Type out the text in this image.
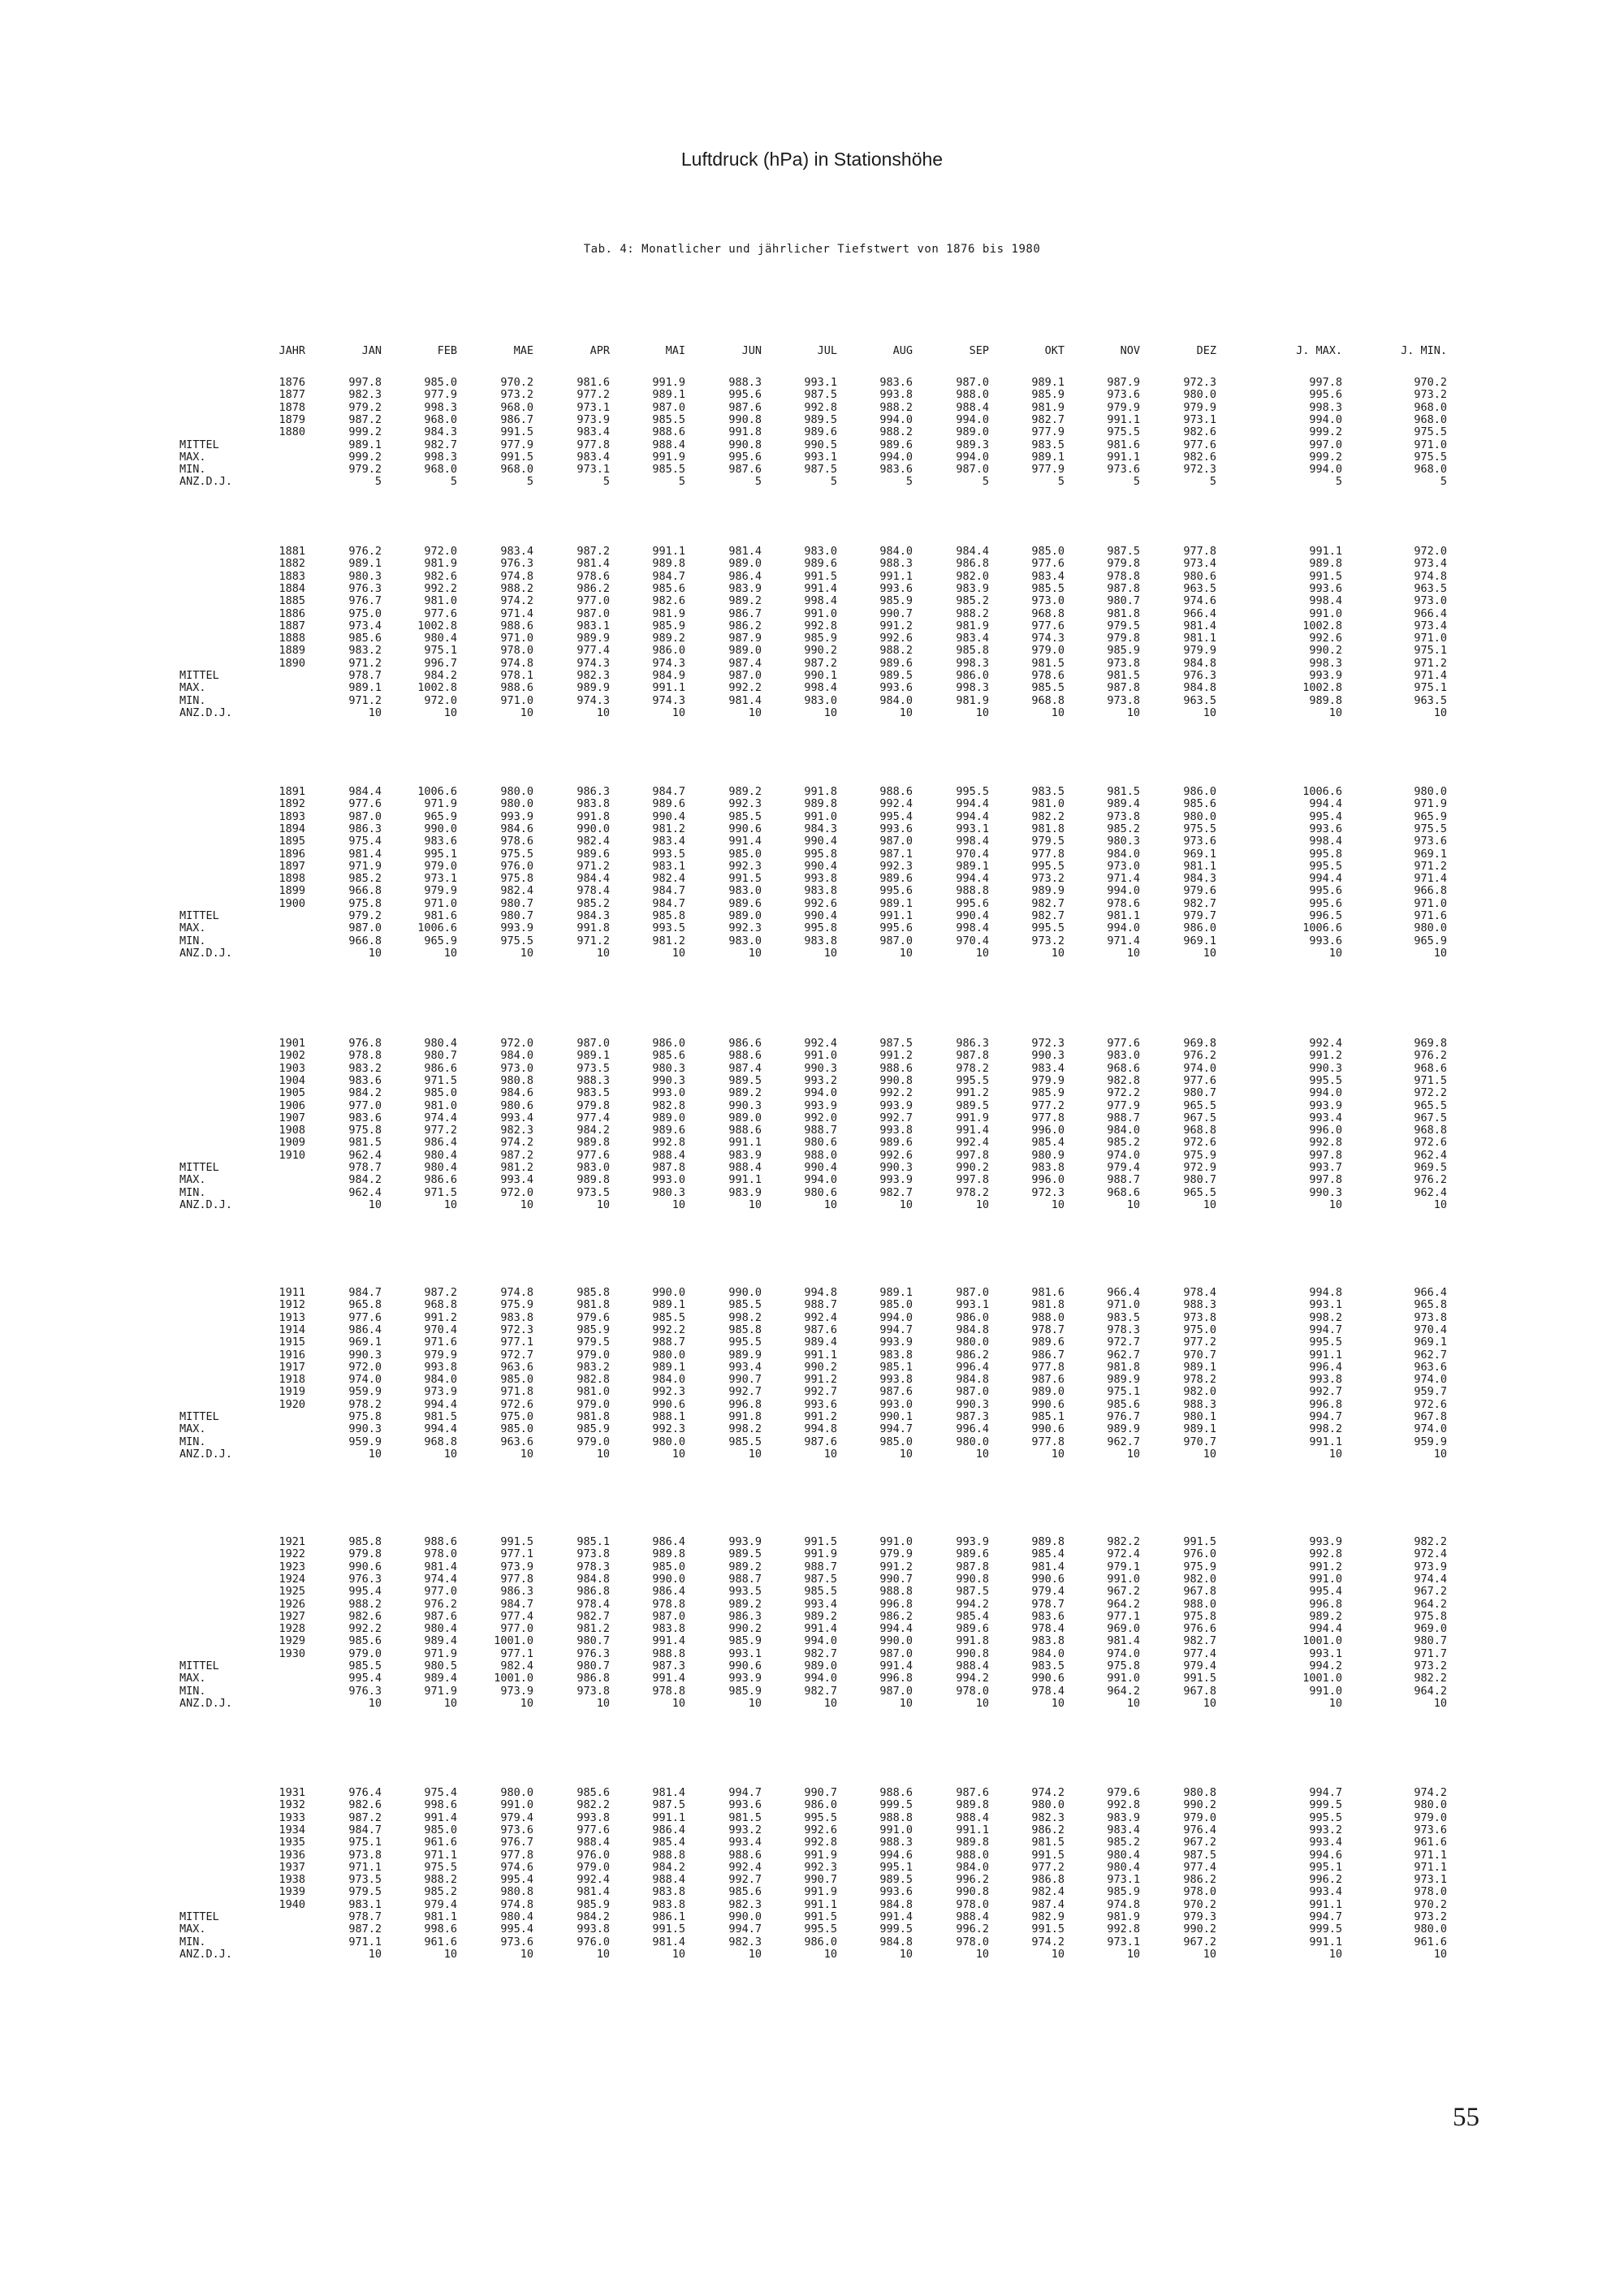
Luftdruck (hPa) in Stationshöhe
Tab. 4: Monatlicher und jährlicher Tiefstwert von 1876 bis 1980
JAHR	JAN	FEB	MAE	APR	MAI	JUN	JUL	AUG	SEP	OKT	NOV	DEZ	J. MAX.	J. MIN.
1876	997.8	985.0	970.2	981.6	991.9	988.3	993.1	983.6	987.0	989.1	987.9	972.3	997.8	970.2
1877	982.3	977.9	973.2	977.2	989.1	995.6	987.5	993.8	988.0	985.9	973.6	980.0	995.6	973.2
1878	979.2	998.3	968.0	973.1	987.0	987.6	992.8	988.2	988.4	981.9	979.9	979.9	998.3	968.0
1879	987.2	968.0	986.7	973.9	985.5	990.8	989.5	994.0	994.0	982.7	991.1	973.1	994.0	968.0
1880	999.2	984.3	991.5	983.4	988.6	991.8	989.6	988.2	989.0	977.9	975.5	982.6	999.2	975.5
MITTEL	989.1	982.7	977.9	977.8	988.4	990.8	990.5	989.6	989.3	983.5	981.6	977.6	997.0	971.0
MAX.	999.2	998.3	991.5	983.4	991.9	995.6	993.1	994.0	994.0	989.1	991.1	982.6	999.2	975.5
MIN.	979.2	968.0	968.0	973.1	985.5	987.6	987.5	983.6	987.0	977.9	973.6	972.3	994.0	968.0
ANZ.D.J.	5	5	5	5	5	5	5	5	5	5	5	5	5	5
1881	976.2	972.0	983.4	987.2	991.1	981.4	983.0	984.0	984.4	985.0	987.5	977.8	991.1	972.0
1882	989.1	981.9	976.3	981.4	989.8	989.0	989.6	988.3	986.8	977.6	979.8	973.4	989.8	973.4
1883	980.3	982.6	974.8	978.6	984.7	986.4	991.5	991.1	982.0	983.4	978.8	980.6	991.5	974.8
1884	976.3	992.2	988.2	986.2	985.6	983.9	991.4	993.6	983.9	985.5	987.8	963.5	993.6	963.5
1885	976.7	981.0	974.2	977.0	982.6	989.2	998.4	985.9	985.2	973.0	980.7	974.6	998.4	973.0
1886	975.0	977.6	971.4	987.0	981.9	986.7	991.0	990.7	988.2	968.8	981.8	966.4	991.0	966.4
1887	973.4	1002.8	988.6	983.1	985.9	986.2	992.8	991.2	981.9	977.6	979.5	981.4	1002.8	973.4
1888	985.6	980.4	971.0	989.9	989.2	987.9	985.9	992.6	983.4	974.3	979.8	981.1	992.6	971.0
1889	983.2	975.1	978.0	977.4	986.0	989.0	990.2	988.2	985.8	979.0	985.9	979.9	990.2	975.1
1890	971.2	996.7	974.8	974.3	974.3	987.4	987.2	989.6	998.3	981.5	973.8	984.8	998.3	971.2
MITTEL	978.7	984.2	978.1	982.3	984.9	987.0	990.1	989.5	986.0	978.6	981.5	976.3	993.9	971.4
MAX.	989.1	1002.8	988.6	989.9	991.1	992.2	998.4	993.6	998.3	985.5	987.8	984.8	1002.8	975.1
MIN.	971.2	972.0	971.0	974.3	974.3	981.4	983.0	984.0	981.9	968.8	973.8	963.5	989.8	963.5
ANZ.D.J.	10	10	10	10	10	10	10	10	10	10	10	10	10	10
1891	984.4	1006.6	980.0	986.3	984.7	989.2	991.8	988.6	995.5	983.5	981.5	986.0	1006.6	980.0
1892	977.6	971.9	980.0	983.8	989.6	992.3	989.8	992.4	994.4	981.0	989.4	985.6	994.4	971.9
1893	987.0	965.9	993.9	991.8	990.4	985.5	991.0	995.4	994.4	982.2	973.8	980.0	995.4	965.9
1894	986.3	990.0	984.6	990.0	981.2	990.6	984.3	993.6	993.1	981.8	985.2	975.5	993.6	975.5
1895	975.4	983.6	978.6	982.4	983.4	991.4	990.4	987.0	998.4	979.5	980.3	973.6	998.4	973.6
1896	981.4	995.1	975.5	989.6	993.5	985.0	995.8	987.1	970.4	977.8	984.0	969.1	995.8	969.1
1897	971.9	979.0	976.0	971.2	983.1	992.3	990.4	992.3	989.1	995.5	973.0	981.1	995.5	971.2
1898	985.2	973.1	975.8	984.4	982.4	991.5	993.8	989.6	994.4	973.2	971.4	984.3	994.4	971.4
1899	966.8	979.9	982.4	978.4	984.7	983.0	983.8	995.6	988.8	989.9	994.0	979.6	995.6	966.8
1900	975.8	971.0	980.7	985.2	984.7	989.6	992.6	989.1	995.6	982.7	978.6	982.7	995.6	971.0
MITTEL	979.2	981.6	980.7	984.3	985.8	989.0	990.4	991.1	990.4	982.7	981.1	979.7	996.5	971.6
MAX.	987.0	1006.6	993.9	991.8	993.5	992.3	995.8	995.6	998.4	995.5	994.0	986.0	1006.6	980.0
MIN.	966.8	965.9	975.5	971.2	981.2	983.0	983.8	987.0	970.4	973.2	971.4	969.1	993.6	965.9
ANZ.D.J.	10	10	10	10	10	10	10	10	10	10	10	10	10	10
1901	976.8	980.4	972.0	987.0	986.0	986.6	992.4	987.5	986.3	972.3	977.6	969.8	992.4	969.8
1902	978.8	980.7	984.0	989.1	985.6	988.6	991.0	991.2	987.8	990.3	983.0	976.2	991.2	976.2
1903	983.2	986.6	973.0	973.5	980.3	987.4	990.3	988.6	978.2	983.4	968.6	974.0	990.3	968.6
1904	983.6	971.5	980.8	988.3	990.3	989.5	993.2	990.8	995.5	979.9	982.8	977.6	995.5	971.5
1905	984.2	985.0	984.6	983.5	993.0	989.2	994.0	992.2	991.2	985.9	972.2	980.7	994.0	972.2
1906	977.0	981.0	980.6	979.8	982.8	990.3	993.9	993.9	989.5	977.2	977.9	965.5	993.9	965.5
1907	983.6	974.4	993.4	977.4	989.0	989.0	992.0	992.7	991.9	977.8	988.7	967.5	993.4	967.5
1908	975.8	977.2	982.3	984.2	989.6	988.6	988.7	993.8	991.4	996.0	984.0	968.8	996.0	968.8
1909	981.5	986.4	974.2	989.8	992.8	991.1	980.6	989.6	992.4	985.4	985.2	972.6	992.8	972.6
1910	962.4	980.4	987.2	977.6	988.4	983.9	988.0	992.6	997.8	980.9	974.0	975.9	997.8	962.4
MITTEL	978.7	980.4	981.2	983.0	987.8	988.4	990.4	990.3	990.2	983.8	979.4	972.9	993.7	969.5
MAX.	984.2	986.6	993.4	989.8	993.0	991.1	994.0	993.9	997.8	996.0	988.7	980.7	997.8	976.2
MIN.	962.4	971.5	972.0	973.5	980.3	983.9	980.6	982.7	978.2	972.3	968.6	965.5	990.3	962.4
ANZ.D.J.	10	10	10	10	10	10	10	10	10	10	10	10	10	10
1911	984.7	987.2	974.8	985.8	990.0	990.0	994.8	989.1	987.0	981.6	966.4	978.4	994.8	966.4
1912	965.8	968.8	975.9	981.8	989.1	985.5	988.7	985.0	993.1	981.8	971.0	988.3	993.1	965.8
1913	977.6	991.2	983.8	979.6	985.5	998.2	992.4	994.0	986.0	988.0	983.5	973.8	998.2	973.8
1914	986.4	970.4	972.3	985.9	992.2	985.8	987.6	994.7	984.8	978.7	978.3	975.0	994.7	970.4
1915	969.1	971.6	977.1	979.5	988.7	995.5	989.4	993.9	980.0	989.6	972.7	977.2	995.5	969.1
1916	990.3	979.9	972.7	979.0	980.0	989.9	991.1	983.8	986.2	986.7	962.7	970.7	991.1	962.7
1917	972.0	993.8	963.6	983.2	989.1	993.4	990.2	985.1	996.4	977.8	981.8	989.1	996.4	963.6
1918	974.0	984.0	985.0	982.8	984.0	990.7	991.2	993.8	984.8	987.6	989.9	978.2	993.8	974.0
1919	959.9	973.9	971.8	981.0	992.3	992.7	992.7	987.6	987.0	989.0	975.1	982.0	992.7	959.7
1920	978.2	994.4	972.6	979.0	990.6	996.8	993.6	993.0	990.3	990.6	985.6	988.3	996.8	972.6
MITTEL	975.8	981.5	975.0	981.8	988.1	991.8	991.2	990.1	987.3	985.1	976.7	980.1	994.7	967.8
MAX.	990.3	994.4	985.0	985.9	992.3	998.2	994.8	994.7	996.4	990.6	989.9	989.1	998.2	974.0
MIN.	959.9	968.8	963.6	979.0	980.0	985.5	987.6	985.0	980.0	977.8	962.7	970.7	991.1	959.9
ANZ.D.J.	10	10	10	10	10	10	10	10	10	10	10	10	10	10
1921	985.8	988.6	991.5	985.1	986.4	993.9	991.5	991.0	993.9	989.8	982.2	991.5	993.9	982.2
1922	979.8	978.0	977.1	973.8	989.8	989.5	991.9	979.9	989.6	985.4	972.4	976.0	992.8	972.4
1923	990.6	981.4	973.9	978.3	985.0	989.2	988.7	991.2	987.8	981.4	979.1	975.9	991.2	973.9
1924	976.3	974.4	977.8	984.8	990.0	988.7	987.5	990.7	990.8	990.6	991.0	982.0	991.0	974.4
1925	995.4	977.0	986.3	986.8	986.4	993.5	985.5	988.8	987.5	979.4	967.2	967.8	995.4	967.2
1926	988.2	976.2	984.7	978.4	978.8	989.2	993.4	996.8	994.2	978.7	964.2	988.0	996.8	964.2
1927	982.6	987.6	977.4	982.7	987.0	986.3	989.2	986.2	985.4	983.6	977.1	975.8	989.2	975.8
1928	992.2	980.4	977.0	981.2	983.8	990.2	991.4	994.4	989.6	978.4	969.0	976.6	994.4	969.0
1929	985.6	989.4	1001.0	980.7	991.4	985.9	994.0	990.0	991.8	983.8	981.4	982.7	1001.0	980.7
1930	979.0	971.9	977.1	976.3	988.8	993.1	982.7	987.0	990.8	984.0	974.0	977.4	993.1	971.7
MITTEL	985.5	980.5	982.4	980.7	987.3	990.6	989.0	991.4	988.4	983.5	975.8	979.4	994.2	973.2
MAX.	995.4	989.4	1001.0	986.8	991.4	993.9	994.0	996.8	994.2	990.6	991.0	991.5	1001.0	982.2
MIN.	976.3	971.9	973.9	973.8	978.8	985.9	982.7	987.0	978.0	978.4	964.2	967.8	991.0	964.2
ANZ.D.J.	10	10	10	10	10	10	10	10	10	10	10	10	10	10
1931	976.4	975.4	980.0	985.6	981.4	994.7	990.7	988.6	987.6	974.2	979.6	980.8	994.7	974.2
1932	982.6	998.6	991.0	982.2	987.5	993.6	986.0	999.5	989.8	980.0	992.8	990.2	999.5	980.0
1933	987.2	991.4	979.4	993.8	991.1	981.5	995.5	988.8	988.4	982.3	983.9	979.0	995.5	979.0
1934	984.7	985.0	973.6	977.6	986.4	993.2	992.6	991.0	991.1	986.2	983.4	976.4	993.2	973.6
1935	975.1	961.6	976.7	988.4	985.4	993.4	992.8	988.3	989.8	981.5	985.2	967.2	993.4	961.6
1936	973.8	971.1	977.8	976.0	988.8	988.6	991.9	994.6	988.0	991.5	980.4	987.5	994.6	971.1
1937	971.1	975.5	974.6	979.0	984.2	992.4	992.3	995.1	984.0	977.2	980.4	977.4	995.1	971.1
1938	973.5	988.2	995.4	992.4	988.4	992.7	990.7	989.5	996.2	986.8	973.1	986.2	996.2	973.1
1939	979.5	985.2	980.8	981.4	983.8	985.6	991.9	993.6	990.8	982.4	985.9	978.0	993.4	978.0
1940	983.1	979.4	974.8	985.9	983.8	982.3	991.1	984.8	978.0	987.4	974.8	970.2	991.1	970.2
MITTEL	978.7	981.1	980.4	984.2	986.1	990.0	991.5	991.4	988.4	982.9	981.9	979.3	994.7	973.2
MAX.	987.2	998.6	995.4	993.8	991.5	994.7	995.5	999.5	996.2	991.5	992.8	990.2	999.5	980.0
MIN.	971.1	961.6	973.6	976.0	981.4	982.3	986.0	984.8	978.0	974.2	973.1	967.2	991.1	961.6
ANZ.D.J.	10	10	10	10	10	10	10	10	10	10	10	10	10	10
55
